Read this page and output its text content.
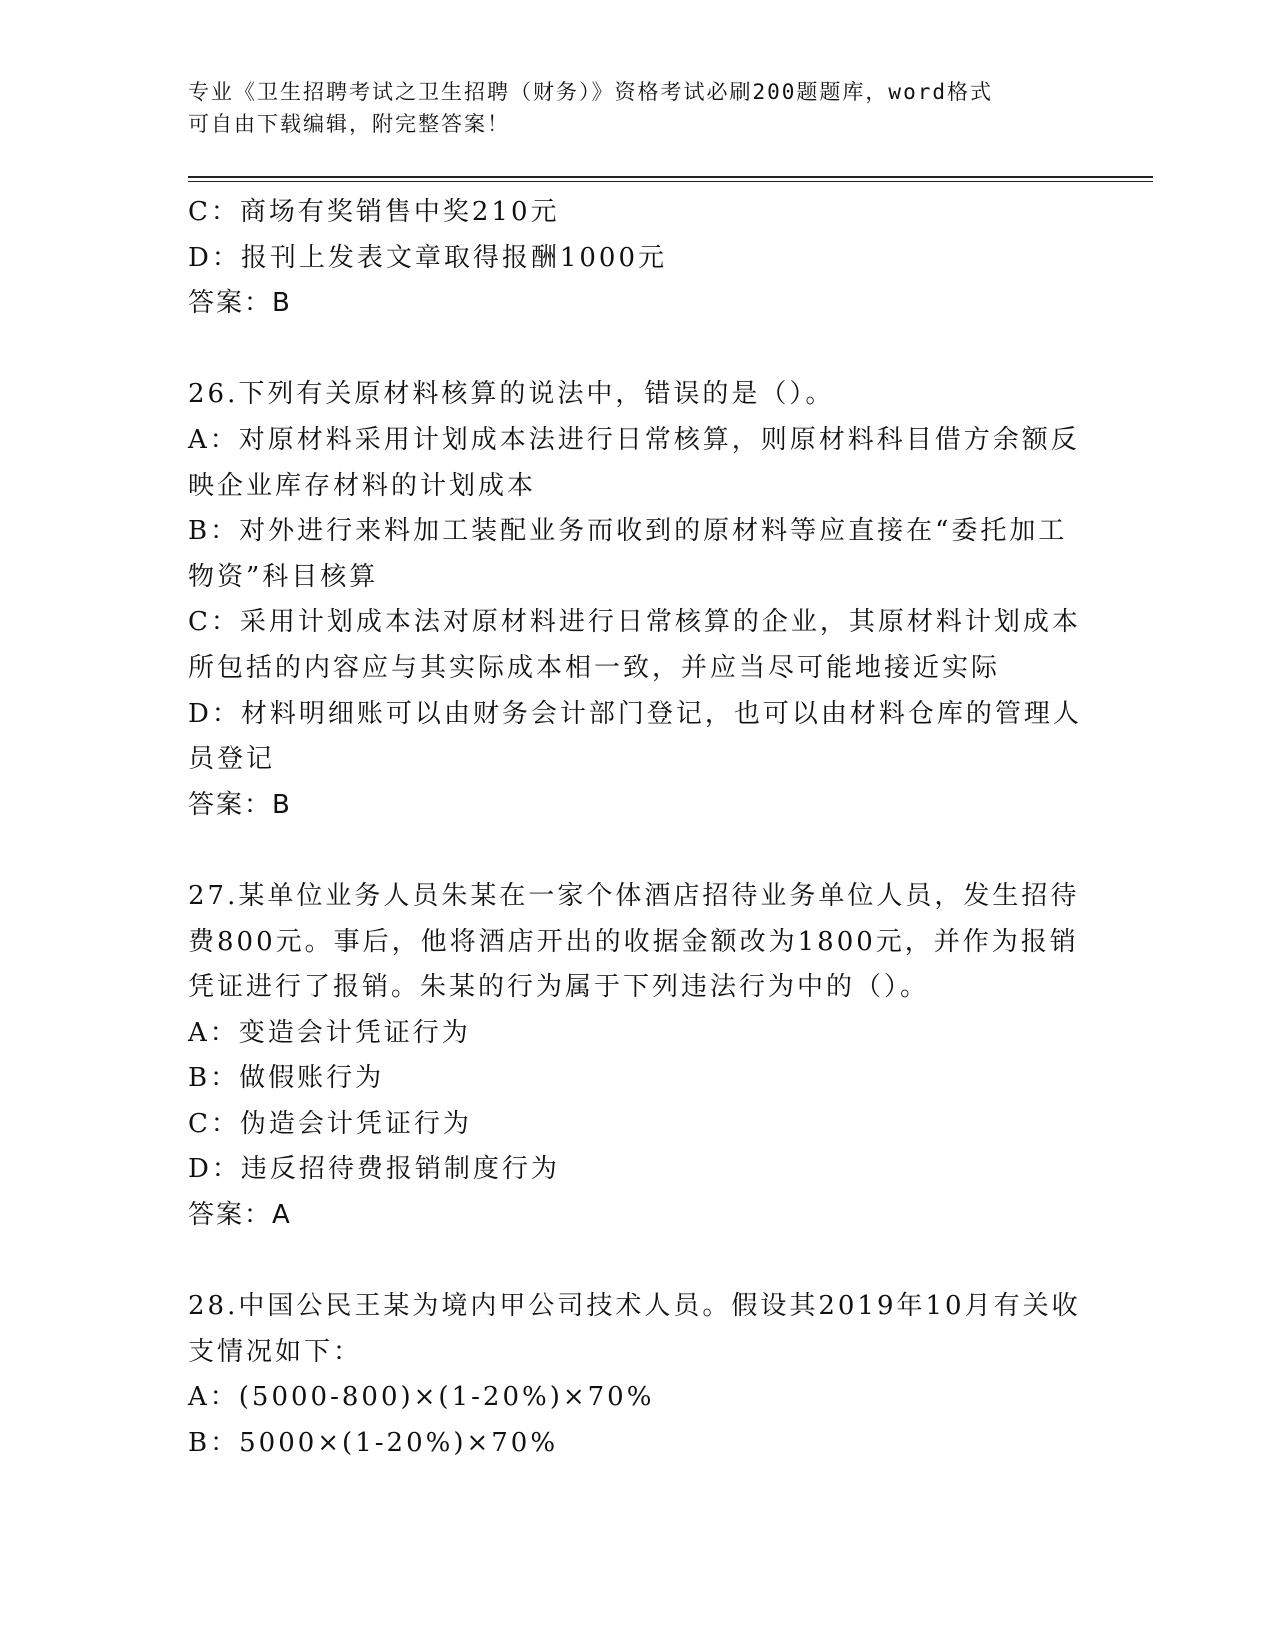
专业《卫生招聘考试之卫生招聘（财务）》资格考试必刷200题题库，word格式
可自由下载编辑，附完整答案！
C：商场有奖销售中奖210元
D：报刊上发表文章取得报酬1000元
答案：B
26.下列有关原材料核算的说法中，错误的是（）。
A：对原材料采用计划成本法进行日常核算，则原材料科目借方余额反
映企业库存材料的计划成本
B：对外进行来料加工装配业务而收到的原材料等应直接在“委托加工
物资”科目核算
C：采用计划成本法对原材料进行日常核算的企业，其原材料计划成本
所包括的内容应与其实际成本相一致，并应当尽可能地接近实际
D：材料明细账可以由财务会计部门登记，也可以由材料仓库的管理人
员登记
答案：B
27.某单位业务人员朱某在一家个体酒店招待业务单位人员，发生招待
费800元。事后，他将酒店开出的收据金额改为1800元，并作为报销
凭证进行了报销。朱某的行为属于下列违法行为中的（）。
A：变造会计凭证行为
B：做假账行为
C：伪造会计凭证行为
D：违反招待费报销制度行为
答案：A
28.中国公民王某为境内甲公司技术人员。假设其2019年10月有关收
支情况如下：
A：(5000-800)×(1-20%)×70%
B：5000×(1-20%)×70%
